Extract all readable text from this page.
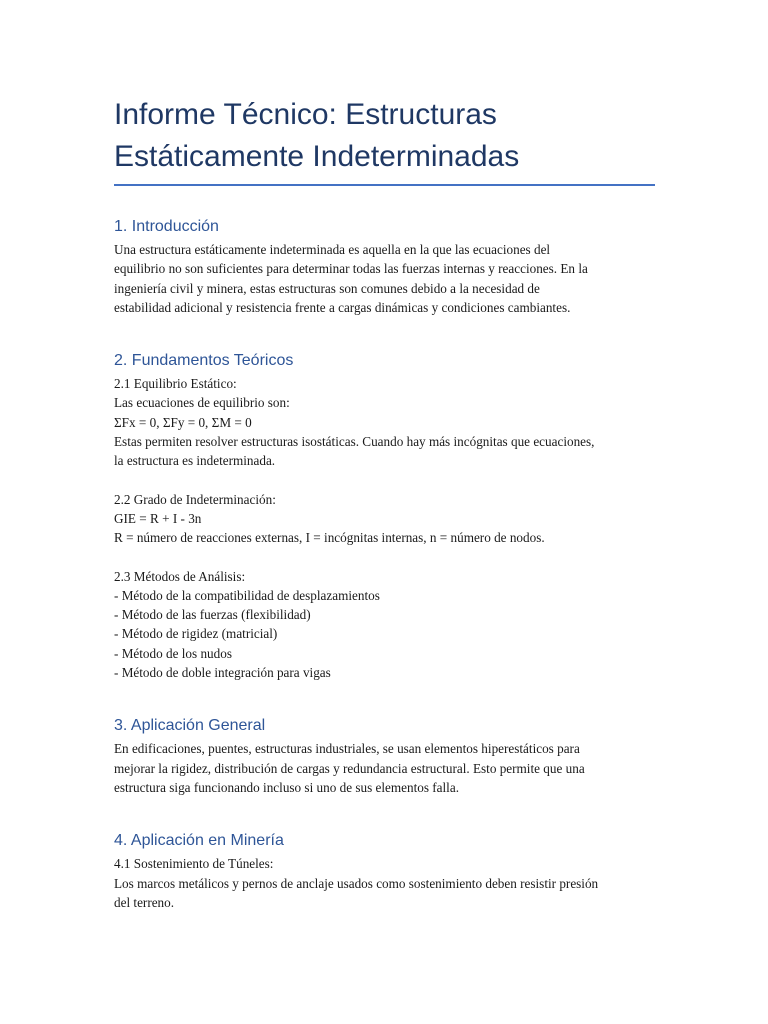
Informe Técnico: Estructuras
Estáticamente Indeterminadas
1. Introducción

Una estructura estáticamente indeterminada es aquella en la que las ecuaciones del
equilibrio no son suficientes para determinar todas las fuerzas internas y reacciones. En la
ingeniería civil y minera, estas estructuras son comunes debido a la necesidad de
estabilidad adicional y resistencia frente a cargas dinámicas y condiciones cambiantes.

2. Fundamentos Teóricos

2.1 Equilibrio Estático:
Las ecuaciones de equilibrio son:
ΣFx = 0, ΣFy = 0, ΣM = 0
Estas permiten resolver estructuras isostáticas. Cuando hay más incógnitas que ecuaciones,
la estructura es indeterminada.

2.2 Grado de Indeterminación:
GIE = R + I - 3n
R = número de reacciones externas, I = incógnitas internas, n = número de nodos.

2.3 Métodos de Análisis:
- Método de la compatibilidad de desplazamientos
- Método de las fuerzas (flexibilidad)
- Método de rigidez (matricial)
- Método de los nudos
- Método de doble integración para vigas

3. Aplicación General

En edificaciones, puentes, estructuras industriales, se usan elementos hiperestáticos para
mejorar la rigidez, distribución de cargas y redundancia estructural. Esto permite que una
estructura siga funcionando incluso si uno de sus elementos falla.

4. Aplicación en Minería

4.1 Sostenimiento de Túneles:
Los marcos metálicos y pernos de anclaje usados como sostenimiento deben resistir presión
del terreno.
